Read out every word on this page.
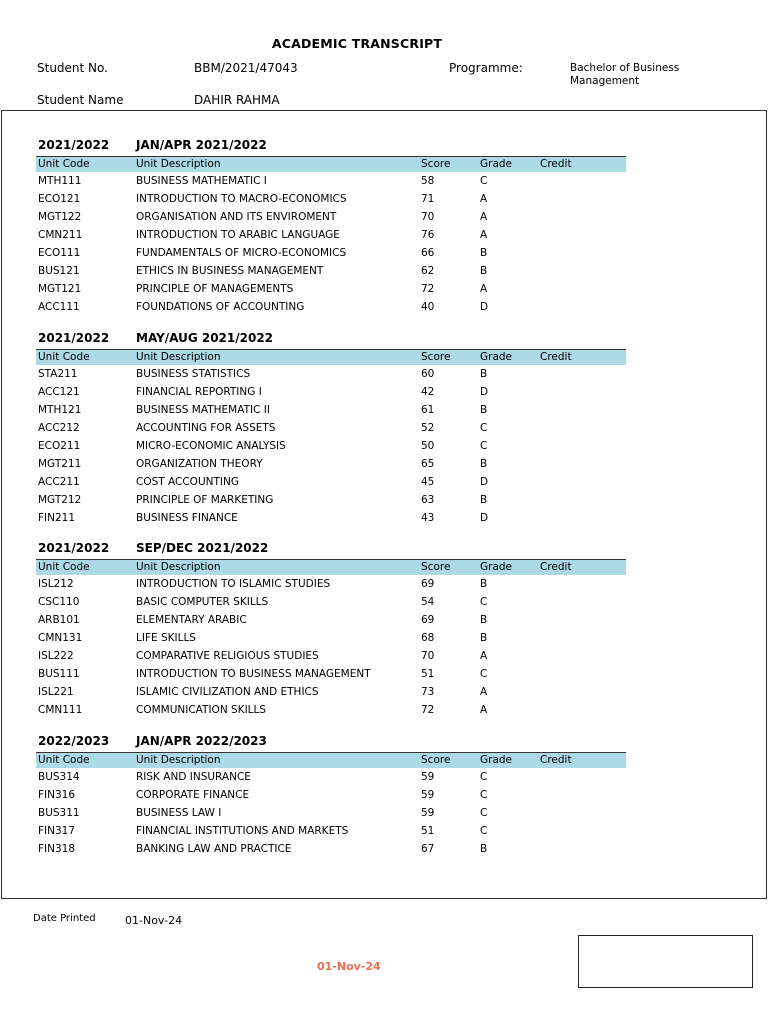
ACADEMIC TRANSCRIPT
Student No.	BBM/2021/47043	Programme:	Bachelor of Business Management
Student Name	DAHIR RAHMA
2021/2022 JAN/APR 2021/2022
Unit Code	Unit Description	Score	Grade	Credit
MTH111	BUSINESS MATHEMATIC I	58	C
ECO121	INTRODUCTION TO MACRO-ECONOMICS	71	A
MGT122	ORGANISATION AND ITS ENVIROMENT	70	A
CMN211	INTRODUCTION TO ARABIC LANGUAGE	76	A
ECO111	FUNDAMENTALS OF MICRO-ECONOMICS	66	B
BUS121	ETHICS IN BUSINESS MANAGEMENT	62	B
MGT121	PRINCIPLE OF MANAGEMENTS	72	A
ACC111	FOUNDATIONS OF ACCOUNTING	40	D
2021/2022 MAY/AUG 2021/2022
Unit Code	Unit Description	Score	Grade	Credit
STA211	BUSINESS STATISTICS	60	B
ACC121	FINANCIAL REPORTING I	42	D
MTH121	BUSINESS MATHEMATIC II	61	B
ACC212	ACCOUNTING FOR ASSETS	52	C
ECO211	MICRO-ECONOMIC ANALYSIS	50	C
MGT211	ORGANIZATION THEORY	65	B
ACC211	COST ACCOUNTING	45	D
MGT212	PRINCIPLE OF MARKETING	63	B
FIN211	BUSINESS FINANCE	43	D
2021/2022 SEP/DEC 2021/2022
Unit Code	Unit Description	Score	Grade	Credit
ISL212	INTRODUCTION TO ISLAMIC STUDIES	69	B
CSC110	BASIC COMPUTER SKILLS	54	C
ARB101	ELEMENTARY ARABIC	69	B
CMN131	LIFE SKILLS	68	B
ISL222	COMPARATIVE RELIGIOUS STUDIES	70	A
BUS111	INTRODUCTION TO BUSINESS MANAGEMENT	51	C
ISL221	ISLAMIC CIVILIZATION AND ETHICS	73	A
CMN111	COMMUNICATION SKILLS	72	A
2022/2023 JAN/APR 2022/2023
Unit Code	Unit Description	Score	Grade	Credit
BUS314	RISK AND INSURANCE	59	C
FIN316	CORPORATE FINANCE	59	C
BUS311	BUSINESS LAW I	59	C
FIN317	FINANCIAL INSTITUTIONS AND MARKETS	51	C
FIN318	BANKING LAW AND PRACTICE	67	B
Date Printed	01-Nov-24
01-Nov-24
